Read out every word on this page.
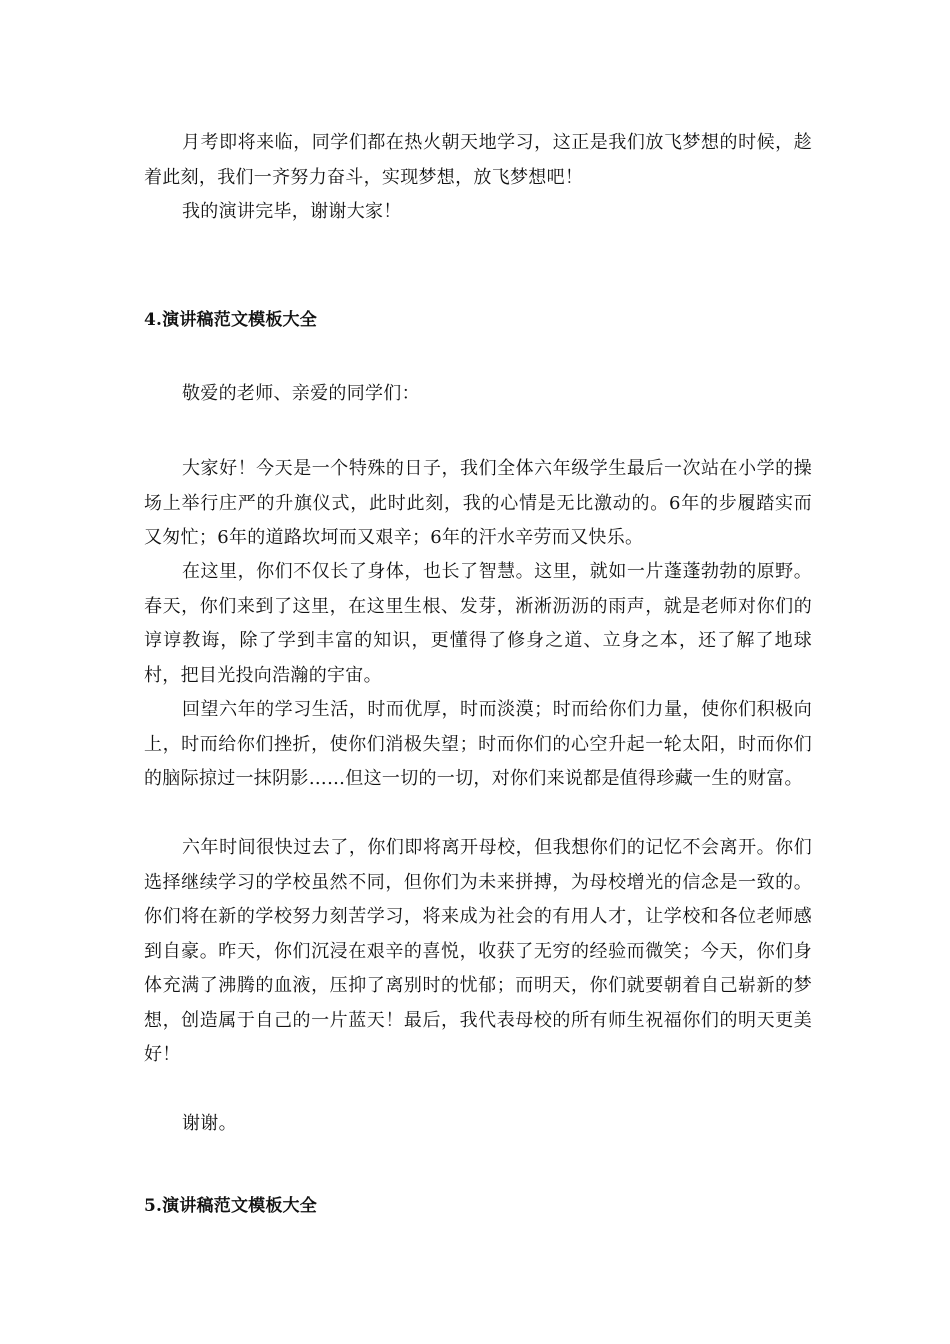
月考即将来临，同学们都在热火朝天地学习，这正是我们放飞梦想的时候，趁着此刻，我们一齐努力奋斗，实现梦想，放飞梦想吧！

我的演讲完毕，谢谢大家！

4.演讲稿范文模板大全

敬爱的老师、亲爱的同学们：

大家好！今天是一个特殊的日子，我们全体六年级学生最后一次站在小学的操场上举行庄严的升旗仪式，此时此刻，我的心情是无比激动的。6年的步履踏实而又匆忙；6年的道路坎坷而又艰辛；6年的汗水辛劳而又快乐。

在这里，你们不仅长了身体，也长了智慧。这里，就如一片蓬蓬勃勃的原野。春天，你们来到了这里，在这里生根、发芽，淅淅沥沥的雨声，就是老师对你们的谆谆教诲，除了学到丰富的知识，更懂得了修身之道、立身之本，还了解了地球村，把目光投向浩瀚的宇宙。

回望六年的学习生活，时而优厚，时而淡漠；时而给你们力量，使你们积极向上，时而给你们挫折，使你们消极失望；时而你们的心空升起一轮太阳，时而你们的脑际掠过一抹阴影……但这一切的一切，对你们来说都是值得珍藏一生的财富。

六年时间很快过去了，你们即将离开母校，但我想你们的记忆不会离开。你们选择继续学习的学校虽然不同，但你们为未来拼搏，为母校增光的信念是一致的。你们将在新的学校努力刻苦学习，将来成为社会的有用人才，让学校和各位老师感到自豪。昨天，你们沉浸在艰辛的喜悦，收获了无穷的经验而微笑；今天，你们身体充满了沸腾的血液，压抑了离别时的忧郁；而明天，你们就要朝着自己崭新的梦想，创造属于自己的一片蓝天！最后，我代表母校的所有师生祝福你们的明天更美好！

谢谢。

5.演讲稿范文模板大全
